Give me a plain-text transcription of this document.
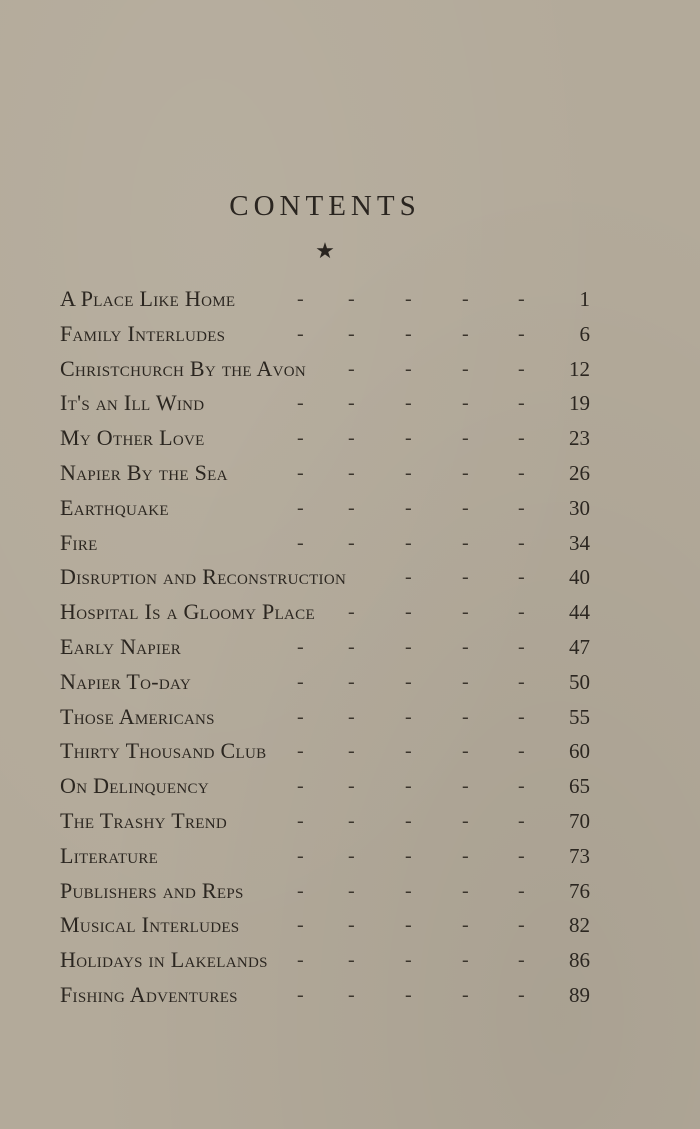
CONTENTS
★
- -	-	- -
A Place Like Home	1
- -	-	- -
Family Interludes	6
-	-	- -
Christchurch By the Avon	12
- -	-	- -
It's an Ill Wind	19
- -	-	- -
My Other Love	23
- -	-	- -
Napier By the Sea	26
- -	-	- -
Earthquake	30
- -	-	- -
Fire	34
-	- -
Disruption and Reconstruction	40
-	-	- -
Hospital Is a Gloomy Place	44
- -	-	- -
Early Napier	47
- -	-	- -
Napier To-day	50
- -	-	- -
Those Americans	55
- -	-	- -
Thirty Thousand Club	60
- -	-	- -
On Delinquency	65
- -	-	- -
The Trashy Trend	70
- -	-	- -
Literature	73
- -	-	- -
Publishers and Reps	76
- -	-	- -
Musical Interludes	82
- -	-	- -
Holidays in Lakelands	86
- -	-	- -
Fishing Adventures	89
